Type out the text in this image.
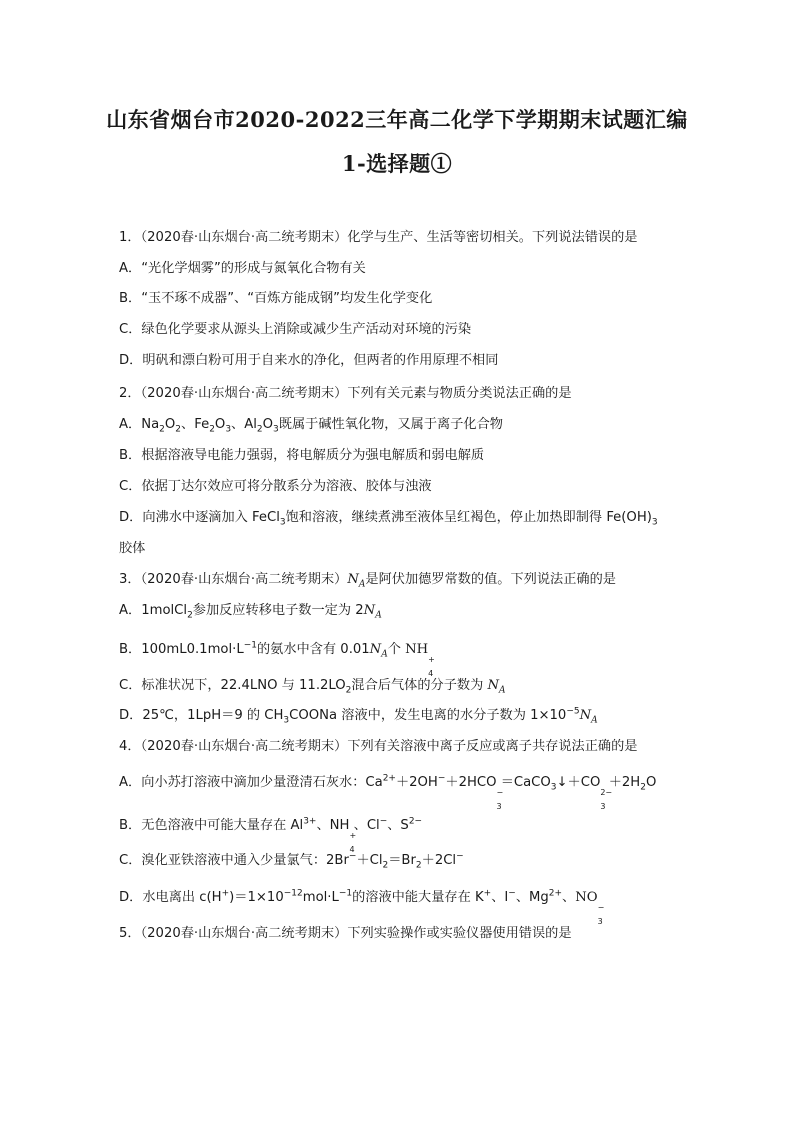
山东省烟台市2020-2022三年高二化学下学期期末试题汇编
1-选择题①

1．（2020春·山东烟台·高二统考期末）化学与生产、生活等密切相关。下列说法错误的是

A．“光化学烟雾”的形成与氮氧化合物有关

B．“玉不琢不成器”、“百炼方能成钢”均发生化学变化

C．绿色化学要求从源头上消除或减少生产活动对环境的污染

D．明矾和漂白粉可用于自来水的净化，但两者的作用原理不相同

2．（2020春·山东烟台·高二统考期末）下列有关元素与物质分类说法正确的是

A．$Na_2O_2$、$Fe_2O_3$、$Al_2O_3$既属于碱性氧化物，又属于离子化合物

B．根据溶液导电能力强弱，将电解质分为强电解质和弱电解质

C．依据丁达尔效应可将分散系分为溶液、胶体与浊液

D．向沸水中逐滴加入 FeCl$_3$饱和溶液，继续煮沸至液体呈红褐色，停止加热即制得 $Fe(OH)_3$

胶体

3．（2020春·山东烟台·高二统考期末）$N_A$是阿伏加德罗常数的值。下列说法正确的是

A．1molCl$_2$参加反应转移电子数一定为 $2N_A$

B．$100mL0.1mol\cdot L^{-1}$的氨水中含有 $0.01N_A$个 NH
+
4

C．标准状况下，22.4LNO 与 $11.2LO_2$混合后气体的分子数为 $N_A$

D．25℃，1LpH＝9 的 $CH_3COONa$ 溶液中，发生电离的水分子数为 $1\times 10^{-5}N_A$

4．（2020春·山东烟台·高二统考期末）下列有关溶液中离子反应或离子共存说法正确的是

A．向小苏打溶液中滴加少量澄清石灰水：$Ca^{2+}+2OH^-+2HCO$
−
3
＝CaCO$_3$↓＋CO
2−
3
$+2H_2O$

B．无色溶液中可能大量存在 $Al^{3+}$、NH
+
4
、Cl−、$S^{2-}$

C．溴化亚铁溶液中通入少量氯气：$2Br^-+Cl_2=Br_2+2Cl^-$

D．水电离出 $c(H^+)=1\times 10^{-12}mol\cdot L^{-1}$的溶液中能大量存在 K+、I−、$Mg^{2+}$、NO
−
3

5．（2020春·山东烟台·高二统考期末）下列实验操作或实验仪器使用错误的是
